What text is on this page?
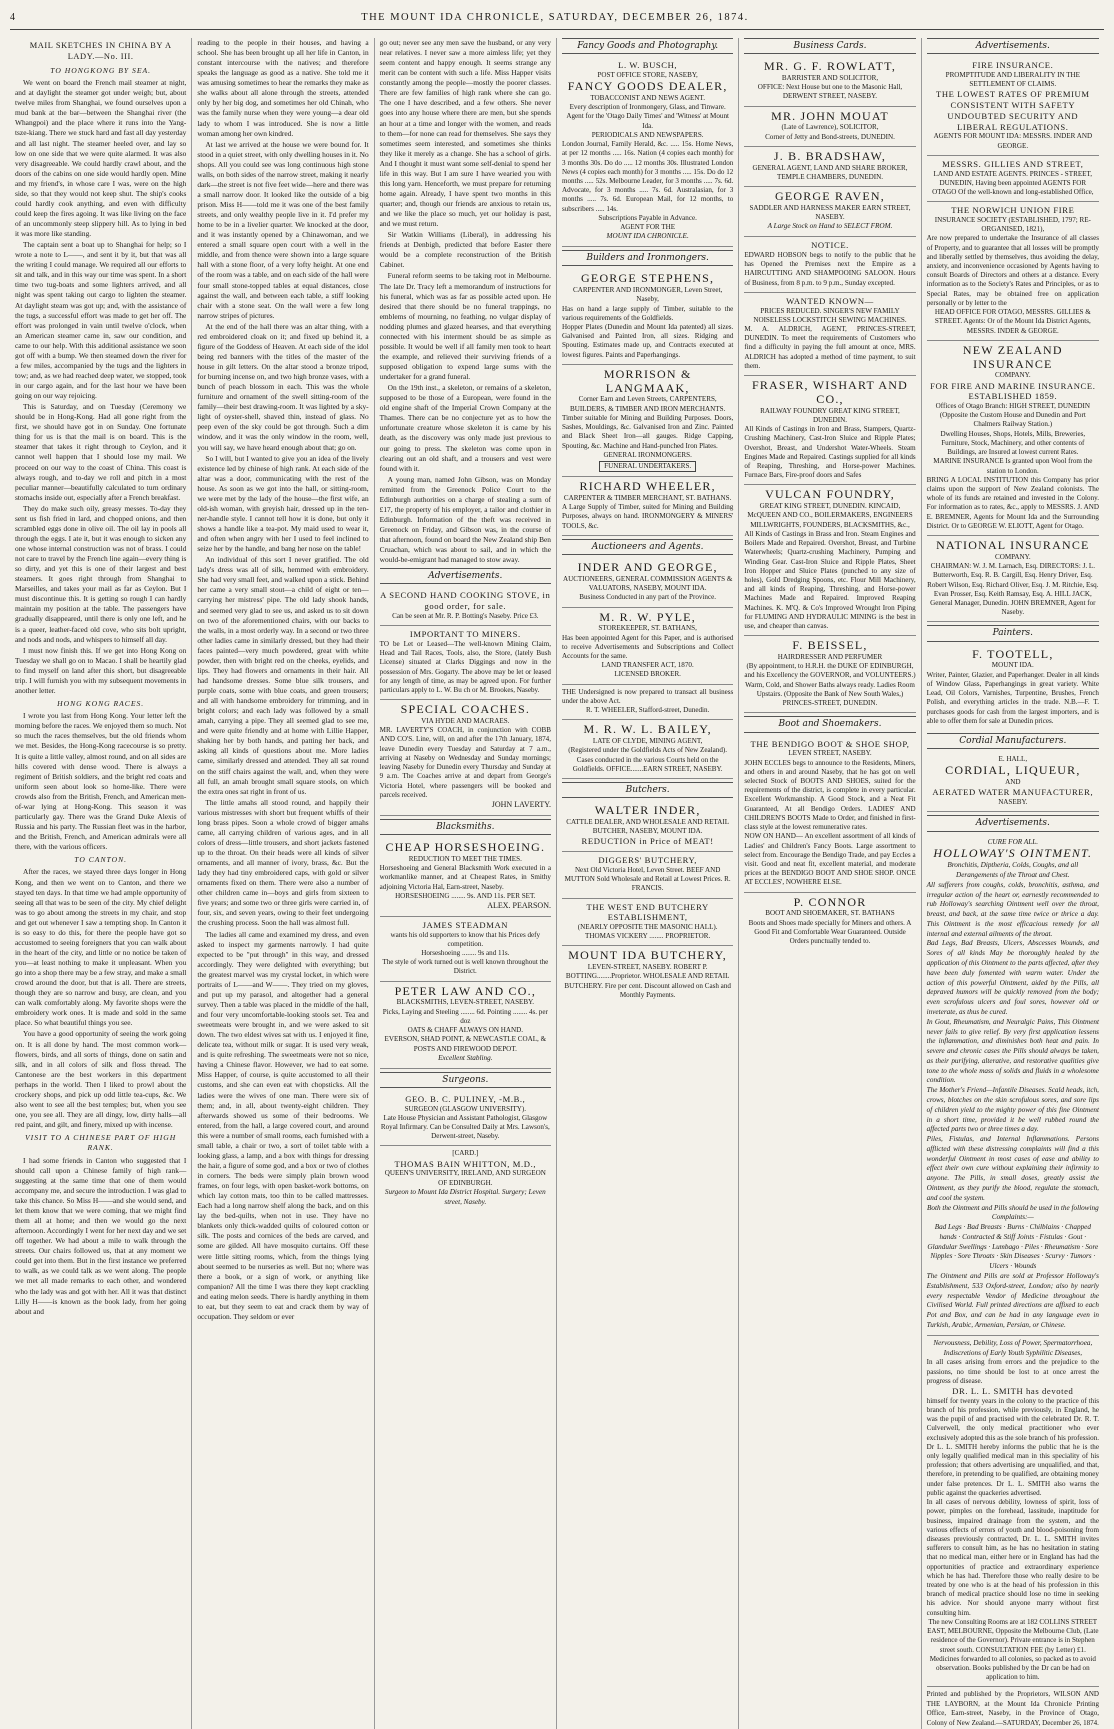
4	THE MOUNT IDA CHRONICLE, SATURDAY, DECEMBER 26, 1874.
MAIL SKETCHES IN CHINA BY A LADY.—No. III.
TO HONGKONG BY SEA.

We went on board the French mail steamer at night, and at daylight the steamer got under weigh; but, about twelve miles from Shanghai, we found ourselves upon a mud bank at the bar—between the Shanghai river (the Whangpoi) and the place where it runs into the Yang-tsze-kiang. There we stuck hard and fast all day yesterday and all last night. The steamer heeled over, and lay so low on one side that we were quite alarmed. It was also very disagreeable. We could hardly crawl about, and the doors of the cabins on one side would hardly open. Mine and my friend's, in whose care I was, were on the high side, so that they would not keep shut. The ship's cooks could hardly cook anything, and even with difficulty could keep the fires agoing. It was like living on the face of an uncommonly steep slippery hill. As to lying in bed it was more like standing.

The captain sent a boat up to Shanghai for help; so I wrote a note to L——, and sent it by it, but that was all the writing I could manage. We required all our efforts to sit and talk, and in this way our time was spent. In a short time two tug-boats and some lighters arrived, and all night was spent taking out cargo to lighten the steamer. At daylight steam was got up; and, with the assistance of the tugs, a successful effort was made to get her off. The effort was prolonged in vain until twelve o'clock, when an American steamer came in, saw our condition, and came to our help. With this additional assistance we soon got off with a bump. We then steamed down the river for a few miles, accompanied by the tugs and the lighters in tow; and, as we had reached deep water, we stopped, took in our cargo again, and for the last hour we have been going on our way rejoicing.

This is Saturday, and on Tuesday (Ceremony we should be in Hong-Kong. Had all gone right from the first, we should have got in on Sunday. One fortunate thing for us is that the mail is on board. This is the steamer that takes it right through to Ceylon, and it cannot well happen that I should lose my mail. We proceed on our way to the coast of China. This coast is always rough, and to-day we roll and pitch in a most peculiar manner—beautifully calculated to turn ordinary stomachs inside out, especially after a French breakfast.

They do make such oily, greasy messes. To-day they sent us fish fried in lard, and chopped onions, and then scrambled eggs done in olive oil. The oil lay in pools all through the eggs. I ate it, but it was enough to sicken any one whose internal construction was not of brass. I could not care to travel by the French line again—every thing is so dirty, and yet this is one of their largest and best steamers. It goes right through from Shanghai to Marseilles, and takes your mail as far as Ceylon. But I must discontinue this. It is getting so rough I can hardly maintain my position at the table. The passengers have gradually disappeared, until there is only one left, and he is a queer, leather-faced old cove, who sits bolt upright, and nods and nods, and whispers to himself all day.

I must now finish this. If we get into Hong Kong on Tuesday we shall go on to Macao. I shall be heartily glad to find myself on land after this short, but disagreeable trip. I will furnish you with my subsequent movements in another letter.

HONG KONG RACES.

I wrote you last from Hong Kong. Your letter left the morning before the races. We enjoyed them so much. Not so much the races themselves, but the old friends whom we met. Besides, the Hong-Kong racecourse is so pretty. It is quite a little valley, almost round, and on all sides are hills covered with dense wood. There is always a regiment of British soldiers, and the bright red coats and uniform seen about look so home-like. There were crowds also from the British, French, and American men-of-war lying at Hong-Kong. This season it was particularly gay. There was the Grand Duke Alexis of Russia and his party. The Russian fleet was in the harbor, and the British, French, and American admirals were all there, with the various officers.

TO CANTON.

After the races, we stayed three days longer in Hong Kong, and then we went on to Canton, and there we stayed ten days. In that time we had ample opportunity of seeing all that was to be seen of the city. My chief delight was to go about among the streets in my chair, and stop and get out whenever I saw a tempting shop. In Canton it is so easy to do this, for there the people have got so accustomed to seeing foreigners that you can walk about in the heart of the city, and little or no notice be taken of you—at least nothing to make it unpleasant. When you go into a shop there may be a few stray, and make a small crowd around the door, but that is all. There are streets, though they are so narrow and busy, are clean, and you can walk comfortably along. My favorite shops were the embroidery work ones. It is made and sold in the same place. So what beautiful things you see.

You have a good opportunity of seeing the work going on. It is all done by hand. The most common work—flowers, birds, and all sorts of things, done on satin and silk, and in all colors of silk and floss thread. The Cantonese are the best workers in this department perhaps in the world. Then I liked to prowl about the crockery shops, and pick up odd little tea-cups, &c. We also went to see all the best temples; but, when you see one, you see all. They are all dingy, low, dirty halls—all red paint, and gilt, and finery, mixed up with incense.

VISIT TO A CHINESE PART OF HIGH RANK.

I had some friends in Canton who suggested that I should call upon a Chinese family of high rank—suggesting at the same time that one of them would accompany me, and secure the introduction. I was glad to take this chance. So Miss H——and she would send, and let them know that we were coming, that we might find them all at home; and then we would go the next afternoon. Accordingly I went for her next day and we set off together. We had about a mile to walk through the streets. Our chairs followed us, that at any moment we could get into them. But in the first instance we preferred to walk, as we could talk as we went along. The people we met all made remarks to each other, and wondered who the lady was and got with her. All it was that distinct Lilly H——is known as the book lady, from her going about and

reading to the people in their houses, and having a school. She has been brought up all her life in Canton, in constant intercourse with the natives; and therefore speaks the language as good as a native. She told me it was amusing sometimes to hear the remarks they make as she walks about all alone through the streets, attended only by her big dog, and sometimes her old Chinah, who was the family nurse when they were young—a dear old lady to whom I was introduced. She is now a little woman among her own kindred.

At last we arrived at the house we were bound for. It stood in a quiet street, with only dwelling houses in it. No shops. All you could see was long continuous high stone walls, on both sides of the narrow street, making it nearly dark—the street is not five feet wide—here and there was a small narrow door. It looked like the outside of a big prison. Miss H——told me it was one of the best family streets, and only wealthy people live in it. I'd prefer my home to be in a livelier quarter. We knocked at the door, and it was instantly opened by a Chinawoman, and we entered a small square open court with a well in the middle, and from thence were shown into a large square hall with a stone floor, of a very lofty height. At one end of the room was a table, and on each side of the hall were four small stone-topped tables at equal distances, close against the wall, and between each table, a stiff looking chair with a stone seat. On the wall were a few long narrow stripes of pictures.

At the end of the hall there was an altar thing, with a red embroidered cloak on it; and fixed up behind it, a figure of the Goddess of Heaven. At each side of the idol being red banners with the titles of the master of the house in gilt letters. On the altar stood a bronze tripod, for burning incense on, and two high bronze vases, with a bunch of peach blossom in each. This was the whole furniture and ornament of the swell sitting-room of the family—their best drawing-room. It was lighted by a sky-light of oyster-shell, shaved thin, instead of glass. No peep even of the sky could be got through. Such a dim window, and it was the only window in the room, well, you will say, we have heard enough about that; go on.

So I will, but I wanted to give you an idea of the lively existence led by chinese of high rank. At each side of the altar was a door, communicating with the rest of the house. As soon as we got into the hall, or sitting-room, we were met by the lady of the house—the first wife, an old-ish woman, with greyish hair, dressed up in the ten-ner-handle style. I cannot tell how it is done, but only it shows a handle like a tea-pot. My maid used to wear it, and often when angry with her I used to feel inclined to seize her by the handle, and bang her nose on the table!

An individual of this sort I never gratified. The old lady's dress was all of silk, hemmed with embroidery. She had very small feet, and walked upon a stick. Behind her came a very small stout—a child of eight or ten—carrying her mistress' pipe. The old lady shook hands, and seemed very glad to see us, and asked us to sit down on two of the aforementioned chairs, with our backs to the walls, in a most orderly way. In a second or two three other ladies came in similarly dressed, but they had their faces painted—very much powdered, great with white powder, then with bright red on the cheeks, eyelids, and lips. They had flowers and ornaments in their hair. All had handsome dresses. Some blue silk trousers, and purple coats, some with blue coats, and green trousers; and all with handsome embroidery for trimming, and in bright colors; and each lady was followed by a small amah, carrying a pipe. They all seemed glad to see me, and were quite friendly and at home with Lillie Happer, shaking her by both hands, and patting her back, and asking all kinds of questions about me. More ladies came, similarly dressed and attended. They all sat round on the stiff chairs against the wall, and, when they were all full, an amah brought small square stools, on which the extra ones sat right in front of us.

The little amahs all stood round, and happily their various mistresses with short but frequent whiffs of their long brass pipes. Soon a whole crowd of bigger amahs came, all carrying children of various ages, and in all colors of dress—little trousers, and short jackets fastened up to the throat. On their heads were all kinds of silver ornaments, and all manner of ivory, brass, &c. But the lady they had tiny embroidered caps, with gold or silver ornaments fixed on them. There were also a number of other children came in—boys and girls from sixteen to five years; and some two or three girls were carried in, of four, six, and seven years, owing to their feet undergoing the crushing process. Soon the hall was almost full.

The ladies all came and examined my dress, and even asked to inspect my garments narrowly. I had quite expected to be "put through" in this way, and dressed accordingly. They were delighted with everything; but the greatest marvel was my crystal locket, in which were portraits of L——and W——. They tried on my gloves, and put up my parasol, and altogether had a general survey. Then a table was placed in the middle of the hall, and four very uncomfortable-looking stools set. Tea and sweetmeats were brought in, and we were asked to sit down. The two eldest wives sat with us. I enjoyed it fine, delicate tea, without milk or sugar. It is used very weak, and is quite refreshing. The sweetmeats were not so nice, having a Chinese flavor. However, we had to eat some. Miss Happer, of course, is quite accustomed to all their customs, and she can even eat with chopsticks. All the ladies were the wives of one man. There were six of them; and, in all, about twenty-eight children. They afterwards showed us some of their bedrooms. We entered, from the hall, a large covered court, and around this were a number of small rooms, each furnished with a small table, a chair or two, a sort of toilet table with a looking glass, a lamp, and a box with things for dressing the hair, a figure of some god, and a box or two of clothes in corners. The beds were simply plain brown wood frames, on four legs, with open basket-work bottoms, on which lay cotton mats, too thin to be called mattresses. Each had a long narrow shelf along the back, and on this lay the bed-quilts, when not in use. They have no blankets only thick-wadded quilts of coloured cotton or silk. The posts and cornices of the beds are carved, and some are gilded. All have mosquito curtains. Off these were little sitting rooms, which, from the things lying about seemed to be nurseries as well. But no; where was there a book, or a sign of work, or anything like companion? All the time I was there they kept crackling and eating melon seeds. There is hardly anything in them to eat, but they seem to eat and crack them by way of occupation. They seldom or ever

go out; never see any men save the husband, or any very near relatives. I never saw a more aimless life; yet they seem content and happy enough. It seems strange any merit can be content with such a life. Miss Happer visits constantly among the people—mostly the poorer classes. There are few families of high rank where she can go. The one I have described, and a few others. She never goes into any house where there are men, but she spends an hour at a time and longer with the women, and reads to them—for none can read for themselves. She says they sometimes seem interested, and sometimes she thinks they like it merely as a change. She has a school of girls. And I thought it must want some self-denial to spend her life in this way. But I am sure I have wearied you with this long yarn. Henceforth, we must prepare for returning home again. Already, I have spent two months in this quarter; and, though our friends are anxious to retain us, and we like the place so much, yet our holiday is past, and we must return.

Sir Watkin Williams (Liberal), in addressing his friends at Denbigh, predicted that before Easter there would be a complete reconstruction of the British Cabinet.

Funeral reform seems to be taking root in Melbourne. The late Dr. Tracy left a memorandum of instructions for his funeral, which was as far as possible acted upon. He desired that there should be no funeral trappings, no emblems of mourning, no feathing, no vulgar display of nodding plumes and glazed hearses, and that everything connected with his interment should be as simple as possible. It would be well if all family men took to heart the example, and relieved their surviving friends of a supposed obligation to expend large sums with the undertaker for a grand funeral.

On the 19th inst., a skeleton, or remains of a skeleton, supposed to be those of a European, were found in the old engine shaft of the Imperial Crown Company at the Thames. There can be no conjecture yet as to how the unfortunate creature whose skeleton it is came by his death, as the discovery was only made just previous to our going to press. The skeleton was come upon in clearing out an old shaft, and a trousers and vest were found with it.

A young man, named John Gibson, was on Monday remitted from the Greenock Police Court to the Edinburgh authorities on a charge of stealing a sum of £17, the property of his employer, a tailor and clothier in Edinburgh. Information of the theft was received in Greenock on Friday, and Gibson was, in the course of that afternoon, found on board the New Zealand ship Ben Cruachan, which was about to sail, and in which the would-be-emigrant had managed to stow away.

Advertisements.
A SECOND HAND COOKING STOVE, in good order, for sale.
Can be seen at Mr. R. P. Botting's Naseby. Price £3.
IMPORTANT TO MINERS.
TO be Let or Leased—The well-known Mining Claim, Head and Tail Races, Tools, also, the Store, (lately Bush License) situated at Clarks Diggings and now in the possession of Mrs. Gogarty. The above may be let or leased for any length of time, as may be agreed upon. For further particulars apply to L. W. Bu ch or M. Brookes, Naseby.
SPECIAL COACHES.
VIA HYDE AND MACRAES.
MR. LAVERTY'S COACH, in conjunction with COBB AND CO'S. Line, will, on and after the 17th January, 1874, leave Dunedin every Tuesday and Saturday at 7 a.m., arriving at Naseby on Wednesday and Sunday mornings; leaving Naseby for Dunedin every Thursday and Sunday at 9 a.m. The Coaches arrive at and depart from George's Victoria Hotel, where passengers will be booked and parcels received.
JOHN LAVERTY.
Blacksmiths.
CHEAP HORSESHOEING.
REDUCTION TO MEET THE TIMES.
Horseshoeing and General Blacksmith Work executed in a workmanlike manner, and at Cheapest Rates, in Smithy adjoining Victoria Hal, Earn-street, Naseby.
HORSESHOEING ........ 9s. AND 11s. PER SET.
ALEX. PEARSON.
JAMES STEADMAN
wants his old supporters to know that his Prices defy competition.
Horseshoeing ........ 9s and 11s.
The style of work turned out is well known throughout the District.
PETER LAW AND CO.,
BLACKSMITHS, LEVEN-STREET, NASEBY.
Picks, Laying and Steeling ........ 6d. Pointing ........ 4s. per doz
OATS & CHAFF ALWAYS ON HAND.
EVERSON, SHAD POINT, & NEWCASTLE COAL, & POSTS AND FIREWOOD DEPOT.
Excellent Stabling.
Surgeons.
GEO. B. C. PULINEY, -M.B.,
SURGEON (GLASGOW UNIVERSITY).
Late House Physician and Assistant Pathologist, Glasgow Royal Infirmary. Can be Consulted Daily at Mrs. Lawson's, Derwent-street, Naseby.
[CARD.]
THOMAS BAIN WHITTON, M.D.,
QUEEN'S UNIVERSITY, IRELAND, AND SURGEON OF EDINBURGH.
Surgeon to Mount Ida District Hospital. Surgery; Leven street, Naseby.
Fancy Goods and Photography.
L. W. BUSCH,
POST OFFICE STORE, NASEBY,
FANCY GOODS DEALER,
TOBACCONIST AND NEWS AGENT.
Every description of Ironmongery, Glass, and Tinware.
Agent for the 'Otago Daily Times' and 'Witness' at Mount Ida.
PERIODICALS AND NEWSPAPERS.
London Journal, Family Herald, &c. ..... 15s. Home News, at per 12 months ..... 16s. Nation (4 copies each month) for 3 months 30s. Do do ..... 12 months 30s. Illustrated London News (4 copies each month) for 3 months ..... 15s. Do do 12 months ..... 52s. Melbourne Leader, for 3 months ..... 7s. 6d. Advocate, for 3 months ..... 7s. 6d. Australasian, for 3 months ..... 7s. 6d. European Mail, for 12 months, to subscribers ..... 14s.
Subscriptions Payable in Advance.
AGENT FOR THE
MOUNT IDA CHRONICLE.
Builders and Ironmongers.
GEORGE STEPHENS,
CARPENTER AND IRONMONGER, Leven Street, Naseby,
Has on hand a large supply of Timber, suitable to the various requirements of the Goldfields.
Hopper Plates (Dunedin and Mount Ida patented) all sizes. Galvanised and Painted Iron, all sizes. Ridging and Spouting. Estimates made up, and Contracts executed at lowest figures. Paints and Paperhangings.
MORRISON & LANGMAAK,
Corner Earn and Leven Streets, CARPENTERS, BUILDERS, & TIMBER AND IRON MERCHANTS.
Timber suitable for Mining and Building Purposes. Doors, Sashes, Mouldings, &c. Galvanised Iron and Zinc. Painted and Black Sheet Iron—all gauges. Ridge Capping, Spouting, &c. Machine and Hand-punched Iron Plates.
GENERAL IRONMONGERS.
FUNERAL UNDERTAKERS.
RICHARD WHEELER,
CARPENTER & TIMBER MERCHANT, ST. BATHANS.
A Large Supply of Timber, suited for Mining and Building Purposes, always on hand. IRONMONGERY & MINERS' TOOLS, &c.
Auctioneers and Agents.
INDER AND GEORGE,
AUCTIONEERS, GENERAL COMMISSION AGENTS & VALUATORS, NASEBY, MOUNT IDA.
Business Conducted in any part of the Province.
M. R. W. PYLE,
STOREKEEPER, ST. BATHANS,
Has been appointed Agent for this Paper, and is authorised to receive Advertisements and Subscriptions and Collect Accounts for the same.
LAND TRANSFER ACT, 1870.
LICENSED BROKER.
THE Undersigned is now prepared to transact all business under the above Act.
R. T. WHEELER, Stafford-street, Dunedin.
M. R. W. L. BAILEY,
LATE OF CLYDE, MINING AGENT,
(Registered under the Goldfields Acts of New Zealand). Cases conducted in the various Courts held on the Goldfields. OFFICE.......EARN STREET, NASEBY.
Butchers.
WALTER INDER,
CATTLE DEALER, AND WHOLESALE AND RETAIL BUTCHER, NASEBY, MOUNT IDA.
REDUCTION in Price of MEAT!
DIGGERS' BUTCHERY,
Next Old Victoria Hotel, Leven Street. BEEF AND MUTTON Sold Wholesale and Retail at Lowest Prices. R. FRANCIS.
THE WEST END BUTCHERY ESTABLISHMENT,
(NEARLY OPPOSITE THE MASONIC HALL). THOMAS VICKERY ........ PROPRIETOR.
MOUNT IDA BUTCHERY,
LEVEN-STREET, NASEBY. ROBERT P. BOTTING........Proprietor. WHOLESALE AND RETAIL BUTCHERY. Fire per cent. Discount allowed on Cash and Monthly Payments.
Business Cards.
MR. G. F. ROWLATT,
BARRISTER AND SOLICITOR,
OFFICE: Next House but one to the Masonic Hall, DERWENT STREET, NASEBY.
MR. JOHN MOUAT
(Late of Lawrence), SOLICITOR,
Corner of Jetty and Bond-streets, DUNEDIN.
J. B. BRADSHAW,
GENERAL AGENT, LAND AND SHARE BROKER, TEMPLE CHAMBERS, DUNEDIN.
GEORGE RAVEN,
SADDLER AND HARNESS MAKER EARN STREET, NASEBY.
A Large Stock on Hand to SELECT FROM.
NOTICE.
EDWARD HOBSON begs to notify to the public that he has Opened the Premises next the Empire as a HAIRCUTTING AND SHAMPOOING SALOON. Hours of Business, from 8 p.m. to 9 p.m., Sunday excepted.
WANTED KNOWN—
PRICES REDUCED. SINGER'S NEW FAMILY NOISELESS LOCKSTITCH SEWING MACHINES.
M. A. ALDRICH, AGENT, PRINCES-STREET, DUNEDIN. To meet the requirements of Customers who find a difficulty in paying the full amount at once, MRS. ALDRICH has adopted a method of time payment, to suit them.
FRASER, WISHART AND CO.,
RAILWAY FOUNDRY GREAT KING STREET, DUNEDIN.
All Kinds of Castings in Iron and Brass, Stampers, Quartz-Crushing Machinery, Cast-Iron Sluice and Ripple Plates; Overshot, Breast, and Undershot Water-Wheels. Steam Engines Made and Repaired. Castings supplied for all kinds of Reaping, Threshing, and Horse-power Machines. Furnace Bars, Fire-proof doors and Safes
VULCAN FOUNDRY,
GREAT KING STREET, DUNEDIN. KINCAID, McQUEEN AND CO., BOILERMAKERS, ENGINEERS MILLWRIGHTS, FOUNDERS, BLACKSMITHS, &c.,
All Kinds of Castings in Brass and Iron. Steam Engines and Boilers Made and Repaired. Overshot, Breast, and Turbine Waterwheels; Quartz-crushing Machinery, Pumping and Winding Gear. Cast-Iron Sluice and Ripple Plates, Sheet Iron Hopper and Sluice Plates (punched to any size of holes), Gold Dredging Spoons, etc. Flour Mill Machinery, and all kinds of Reaping, Threshing, and Horse-power Machines Made and Repaired. Improved Reaping Machines. K. M'Q. & Co's Improved Wrought Iron Piping for FLUMING AND HYDRAULIC MINING is the best in use, and cheaper than canvas.
F. BEISSEL,
HAIRDRESSER AND PERFUMER
(By appointment, to H.R.H. the DUKE OF EDINBURGH, and his Excellency the GOVERNOR, and VOLUNTEERS.) Warm, Cold, and Shower Baths always ready. Ladies Room Upstairs. (Opposite the Bank of New South Wales,) PRINCES-STREET, DUNEDIN.
Boot and Shoemakers.
THE BENDIGO BOOT & SHOE SHOP,
LEVEN STREET, NASEBY.
JOHN ECCLES begs to announce to the Residents, Miners, and others in and around Naseby, that he has got on well selected Stock of BOOTS AND SHOES, suited for the requirements of the district, is complete in every particular. Excellent Workmanship. A Good Stock, and a Neat Fit Guaranteed, At all Bendigo Orders. LADIES' AND CHILDREN'S BOOTS Made to Order, and finished in first-class style at the lowest remunerative rates.
NOW ON HAND— An excellent assortment of all kinds of Ladies' and Children's Fancy Boots. Large assortment to select from. Encourage the Bendigo Trade, and pay Eccles a visit. Good and neat fit, excellent material, and moderate prices at the BENDIGO BOOT AND SHOE SHOP. ONCE AT ECCLES', NOWHERE ELSE.
P. CONNOR
BOOT AND SHOEMAKER, ST. BATHANS
Boots and Shoes made specially for Miners and others. A Good Fit and Comfortable Wear Guaranteed. Outside Orders punctually tended to.
Advertisements.
FIRE INSURANCE.
PROMPTITUDE AND LIBERALITY IN THE SETTLEMENT OF CLAIMS.
THE LOWEST RATES OF PREMIUM CONSISTENT WITH SAFETY
UNDOUBTED SECURITY AND LIBERAL REGULATIONS.
AGENTS FOR MOUNT IDA: MESSRS. INDER AND GEORGE.
MESSRS. GILLIES AND STREET,
LAND AND ESTATE AGENTS. PRINCES - STREET, DUNEDIN, Having been appointed AGENTS FOR OTAGO Of the well-known and long-established Office,
THE NORWICH UNION FIRE
INSURANCE SOCIETY (ESTABLISHED, 1797; RE-ORGANISED, 1821),
Are now prepared to undertake the Insurance of all classes of Property, and to guarantee that all losses will be promptly and liberally settled by themselves, thus avoiding the delay, anxiety, and inconvenience occasioned by Agents having to consult Boards of Directors and others at a distance. Every information as to the Society's Rates and Principles, or as to Special Rates, may be obtained free on application personally or by letter to the
HEAD OFFICE FOR OTAGO, MESSRS. GILLIES & STREET. Agents: Or of the Mount Ida District Agents, MESSRS. INDER & GEORGE.
NEW ZEALAND INSURANCE
COMPANY.
FOR FIRE AND MARINE INSURANCE. ESTABLISHED 1859.
Offices of Otago Branch: HIGH STREET, DUNEDIN (Opposite the Custom House and Dunedin and Port Chalmers Railway Station.)
Dwelling Houses, Shops, Hotels, Mills, Breweries, Furniture, Stock, Machinery, and other contents of Buildings, are Insured at lowest current Rates.
MARINE INSURANCE Is granted upon Wool from the station to London.
BRING A LOCAL INSTITUTION this Company has prior claims upon the support of New Zealand colonists. The whole of its funds are retained and invested in the Colony. For information as to rates, &c., apply to MESSRS. J. AND E. BREMNER, Agents for Mount Ida and the Surrounding District. Or to GEORGE W. ELIOTT, Agent for Otago.
NATIONAL INSURANCE
COMPANY.
CHAIRMAN: W. J. M. Larnach, Esq. DIRECTORS: J. L. Butterworth, Esq. R. B. Cargill, Esq. Henry Driver, Esq. Robert Wilson, Esq. Richard Oliver, Esq. J. M. Ritchie, Esq. Evan Prosser, Esq. Keith Ramsay, Esq. A. HILL JACK, General Manager, Dunedin. JOHN BREMNER, Agent for Naseby.
Painters.
F. TOOTELL,
MOUNT IDA.
Writer, Painter, Glazier, and Paperhanger. Dealer in all kinds of Window Glass, Paperhangings in great variety. White Lead, Oil Colors, Varnishes, Turpentine, Brushes, French Polish, and everything articles in the trade. N.B.—F. T. purchases goods for cash from the largest importers, and is able to offer them for sale at Dunedin prices.
Cordial Manufacturers.
E. HALL,
CORDIAL, LIQUEUR,
AND
AERATED WATER MANUFACTURER,
NASEBY.
Advertisements.
CURE FOR ALL.
HOLLOWAY'S OINTMENT.
Bronchitis, Diptheria, Colds, Coughs, and all Derangements of the Throat and Chest.
All sufferers from coughs, colds, bronchitis, asthma, and irregular action of the heart or, earnestly recommended to rub Holloway's searching Ointment well over the throat, breast, and back, at the same time twice or thrice a day. This Ointment is the most efficacious remedy for all internal and external ailments of the throat.
Bad Legs, Bad Breasts, Ulcers, Abscesses Wounds, and Sores of all kinds May be thoroughly healed by the application of this Ointment to the parts affected, after they have been duly fomented with warm water. Under the action of this powerful Ointment, aided by the Pills, all depraved humors will be quickly removed from the body; even scrofulous ulcers and foul sores, however old or inveterate, as thus be cured.
In Gout, Rheumatism, and Neuralgic Pains, This Ointment never fails to give relief. By very first application lessens the inflammation, and diminishes both heat and pain. In severe and chronic cases the Pills should always be taken, as their purifying, alterative, and restorative qualities give tone to the whole mass of solids and fluids in a wholesome condition.
The Mother's Friend—Infantile Diseases. Scald heads, itch, crows, blotches on the skin scrofulous sores, and sore lips of children yield to the mighty power of this fine Ointment in a short time, provided it be well rubbed round the affected parts two or three times a day.
Piles, Fistulas, and Internal Inflammations. Persons afflicted with these distressing complaints will find a this wonderful Ointment in most cases of ease and ability to effect their own cure without explaining their infirmity to anyone. The Pills, in small doses, greatly assist the Ointment, as they purify the blood, regulate the stomach, and cool the system.
Both the Ointment and Pills should be used in the following Complaints:—
Bad Legs · Bad Breasts · Burns · Chilblains · Chapped hands · Contracted & Stiff Joints · Fistulas · Gout · Glandular Swellings · Lumbago · Piles · Rheumatism · Sore Nipples · Sore Throats · Skin Diseases · Scurvy · Tumors · Ulcers · Wounds
The Ointment and Pills are sold at Professor Holloway's Establishment, 533 Oxford-street, London; also by nearly every respectable Vendor of Medicine throughout the Civilised World. Full printed directions are affixed to each Pot and Box, and can be had in any language even in Turkish, Arabic, Armenian, Persian, or Chinese.
Nervousness, Debility, Loss of Power, Spermatorrhoea, Indiscretions of Early Youth Syphilitic Diseases,
In all cases arising from errors and the prejudice to the passions, no time should be lost to at once arrest the progress of disease.
DR. L. L. SMITH has devoted
himself for twenty years in the colony to the practice of this branch of his profession, while previously, in England, he was the pupil of and practised with the celebrated Dr. R. T. Culverwell, the only medical practitioner who ever exclusively adopted this as the sole branch of his profession. Dr L. L. SMITH hereby informs the public that he is the only legally qualified medical man in this speciality of his profession; that others advertising are unqualified, and that, therefore, in pretending to be qualified, are obtaining money under false pretences. Dr L. L. SMITH also warns the public against the quackeries advertised.
In all cases of nervous debility, lowness of spirit, loss of power, pimples on the forehead, lassitude, inaptitude for business, impaired drainage from the system, and the various effects of errors of youth and blood-poisoning from diseases previously contracted, Dr. L. L. SMITH invites sufferers to consult him, as he has no hesitation in stating that no medical man, either here or in England has had the opportunities of practice and extraordinary experience which he has had. Therefore those who really desire to be treated by one who is at the head of his profession in this branch of medical practice should lose no time in seeking his advice. Nor should anyone marry without first consulting him.
The new Consulting Rooms are at 182 COLLINS STREET EAST, MELBOURNE, Opposite the Melbourne Club, (Late residence of the Governor). Private entrance is in Stephen street south. CONSULTATION FEE (by Letter) £1. Medicines forwarded to all colonies, so packed as to avoid observation. Books published by the Dr can be had on application to him.
Printed and published by the Proprietors, WILSON AND THE LAYBORN, at the Mount Ida Chronicle Printing Office, Earn-street, Naseby, in the Province of Otago, Colony of New Zealand.—SATURDAY, December 26, 1874.
